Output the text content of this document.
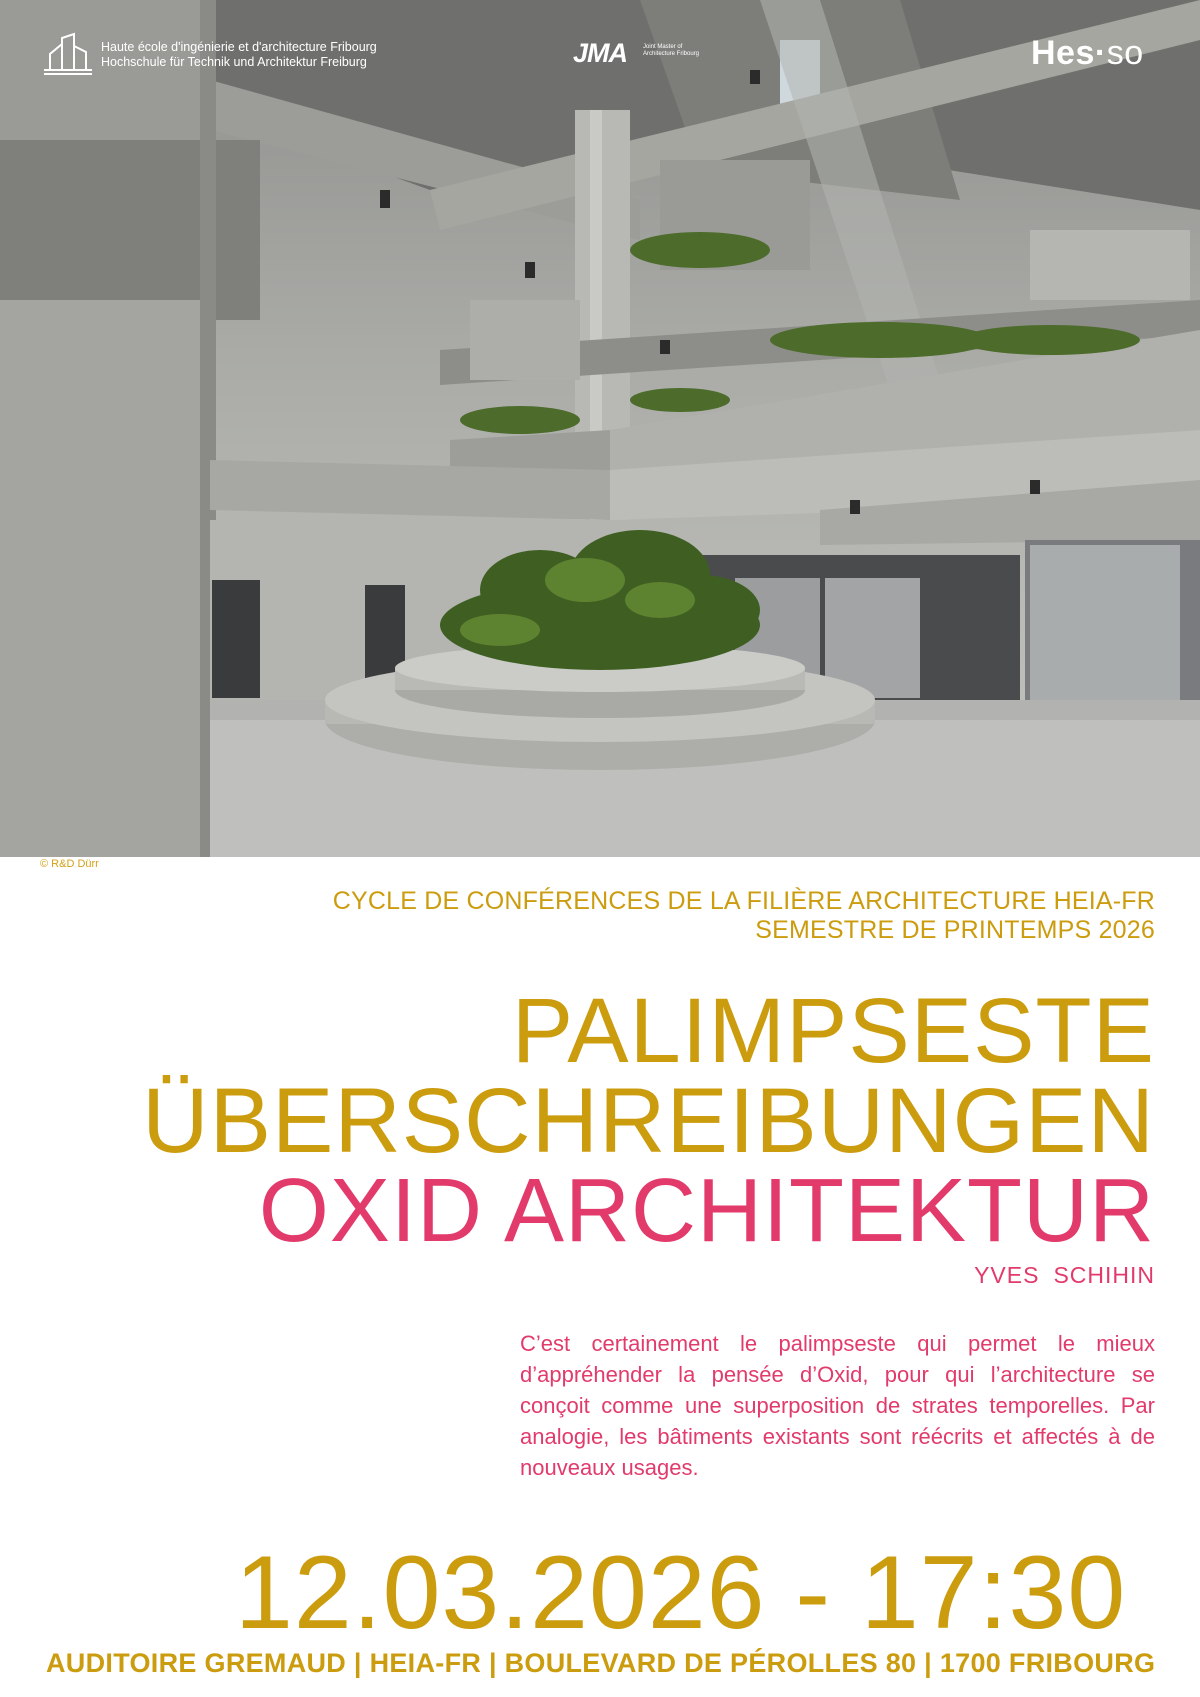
Haute école d'ingénierie et d'architecture Fribourg
Hochschule für Technik und Architektur Freiburg	JMA	Joint Master of Architecture Fribourg	Hes·so
© R&D Dürr
CYCLE DE CONFÉRENCES DE LA FILIÈRE ARCHITECTURE HEIA-FR
SEMESTRE DE PRINTEMPS 2026
PALIMPSESTE
ÜBERSCHREIBUNGEN
OXID ARCHITEKTUR
YVES SCHIHIN
C’est certainement le palimpseste qui permet le mieux d’appréhender la pensée d’Oxid, pour qui l’architecture se conçoit comme une superposition de strates temporelles. Par analogie, les bâtiments existants sont réécrits et affectés à de nouveaux usages.
12.03.2026 - 17:30
AUDITOIRE GREMAUD | HEIA-FR | BOULEVARD DE PÉROLLES 80 | 1700 FRIBOURG
